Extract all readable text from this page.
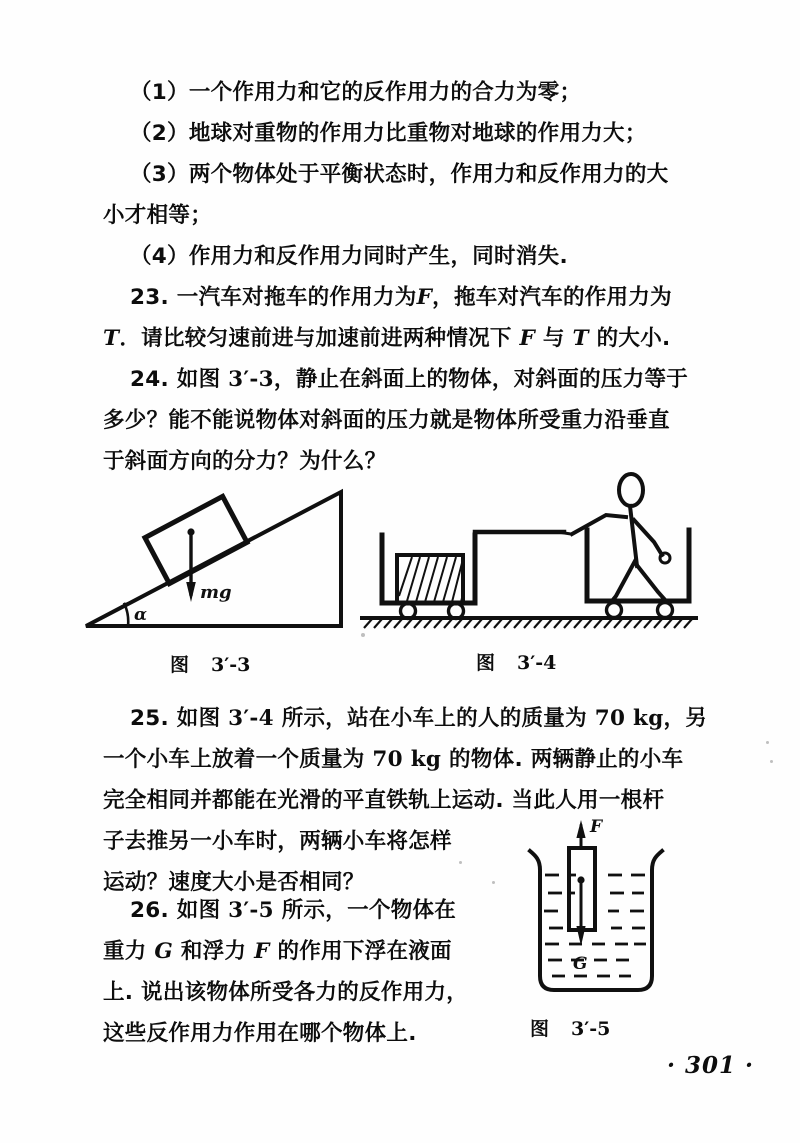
（1）一个作用力和它的反作用力的合力为零；
（2）地球对重物的作用力比重物对地球的作用力大；
（3）两个物体处于平衡状态时，作用力和反作用力的大
小才相等；
（4）作用力和反作用力同时产生，同时消失.
23. 一汽车对拖车的作用力为F，拖车对汽车的作用力为
T．请比较匀速前进与加速前进两种情况下 F 与 T 的大小.
24. 如图 3′-3，静止在斜面上的物体，对斜面的压力等于
多少？能不能说物体对斜面的压力就是物体所受重力沿垂直
于斜面方向的分力？为什么？
mg
α
图 3′-3	图 3′-4
25. 如图 3′-4 所示，站在小车上的人的质量为 70 kg，另
一个小车上放着一个质量为 70 kg 的物体. 两辆静止的小车
完全相同并都能在光滑的平直铁轨上运动. 当此人用一根杆
子去推另一小车时，两辆小车将怎样
运动？速度大小是否相同？
26. 如图 3′-5 所示，一个物体在
重力 G 和浮力 F 的作用下浮在液面
上. 说出该物体所受各力的反作用力，
这些反作用力作用在哪个物体上.
F
G
图 3′-5
· 301 ·
